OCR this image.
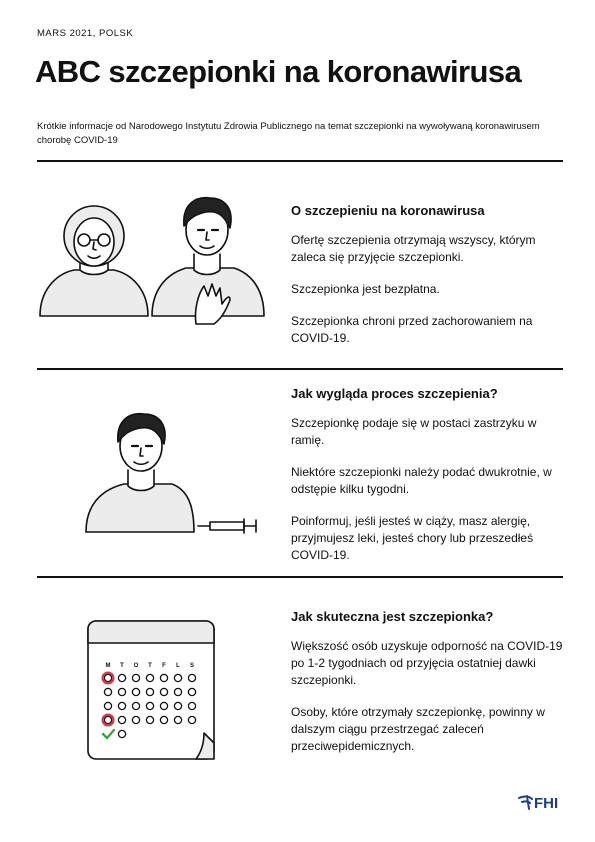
MARS 2021, POLSK
ABC szczepionki na koronawirusa
Krótkie informacje od Narodowego Instytutu Zdrowia Publicznego na temat szczepionki na wywoływaną koronawirusem chorobę COVID-19
M T O T F L S
O szczepieniu na koronawirusa

Ofertę szczepienia otrzymają wszyscy, którym zaleca się przyjęcie szczepionki.

Szczepionka jest bezpłatna.

Szczepionka chroni przed zachorowaniem na COVID-19.

Jak wygląda proces szczepienia?

Szczepionkę podaje się w postaci zastrzyku w ramię.

Niektóre szczepionki należy podać dwukrotnie, w odstępie kilku tygodni.

Poinformuj, jeśli jesteś w ciąży, masz alergię, przyjmujesz leki, jesteś chory lub przeszedłeś COVID-19.

Jak skuteczna jest szczepionka?

Większość osób uzyskuje odporność na COVID-19 po 1-2 tygodniach od przyjęcia ostatniej dawki szczepionki.

Osoby, które otrzymały szczepionkę, powinny w dalszym ciągu przestrzegać zaleceń przeciwepidemicznych.

FHI
